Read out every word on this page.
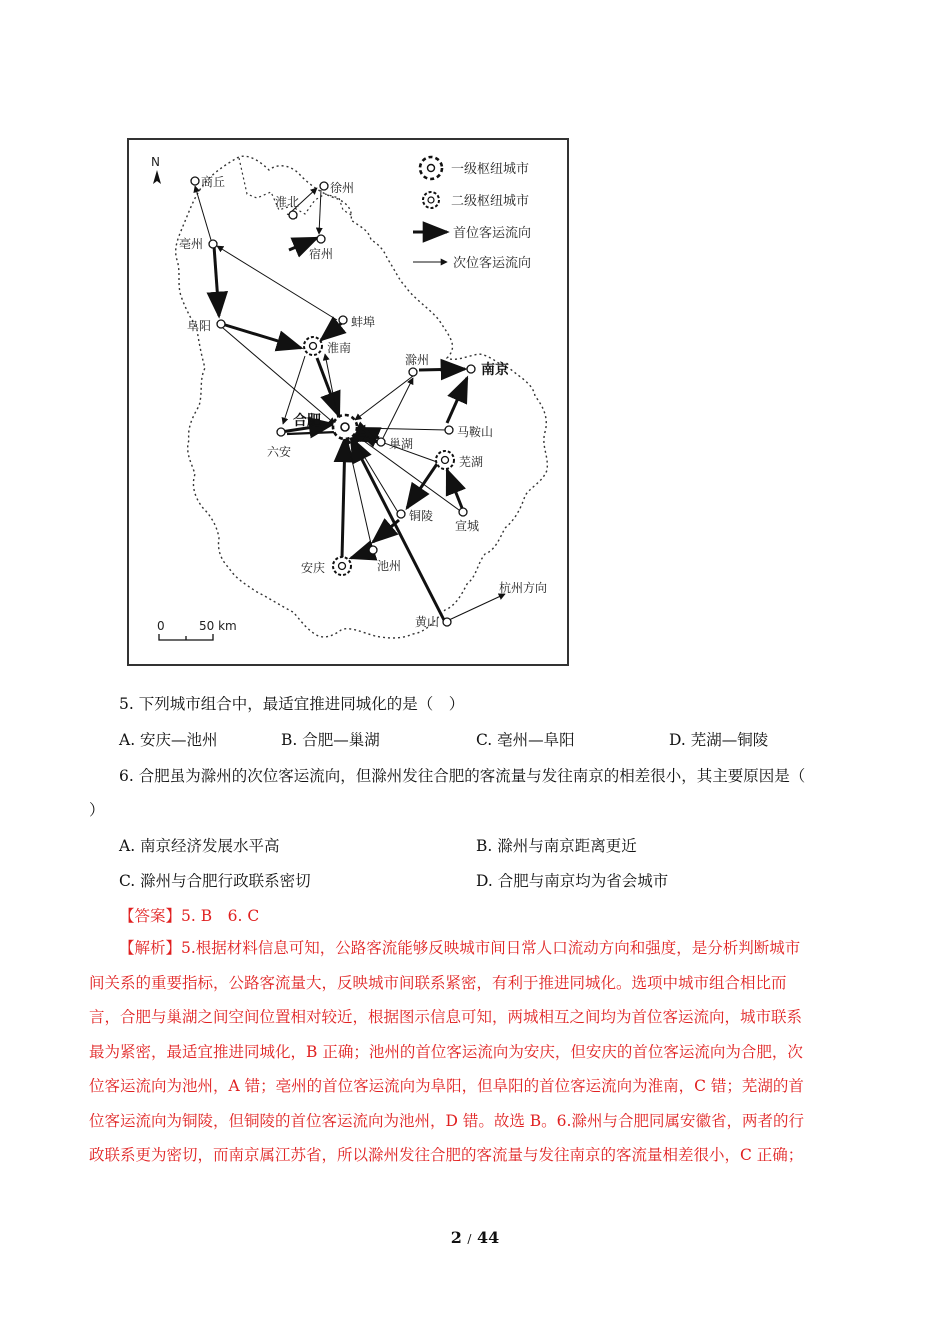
N
商丘	徐州
淮北
宿州
亳州
阜阳	蚌埠
淮南
滁州
南京
合肥
六安
巢湖
马鞍山
芜湖
铜陵
宣城
安庆	池州
杭州方向
黄山
一级枢纽城市
二级枢纽城市
首位客运流向
次位客运流向
0	50 km
5. 下列城市组合中，最适宜推进同城化的是（　）
A. 安庆—池州	B. 合肥—巢湖	C. 亳州—阜阳	D. 芜湖—铜陵
6. 合肥虽为滁州的次位客运流向，但滁州发往合肥的客流量与发往南京的相差很小，其主要原因是（
）
A. 南京经济发展水平高	B. 滁州与南京距离更近
C. 滁州与合肥行政联系密切	D. 合肥与南京均为省会城市
【答案】5. B　6. C
【解析】5.根据材料信息可知，公路客流能够反映城市间日常人口流动方向和强度，是分析判断城市
间关系的重要指标，公路客流量大，反映城市间联系紧密，有利于推进同城化。选项中城市组合相比而
言，合肥与巢湖之间空间位置相对较近，根据图示信息可知，两城相互之间均为首位客运流向，城市联系
最为紧密，最适宜推进同城化，B 正确；池州的首位客运流向为安庆，但安庆的首位客运流向为合肥，次
位客运流向为池州，A 错；亳州的首位客运流向为阜阳，但阜阳的首位客运流向为淮南，C 错；芜湖的首
位客运流向为铜陵，但铜陵的首位客运流向为池州，D 错。故选 B。6.滁州与合肥同属安徽省，两者的行
政联系更为密切，而南京属江苏省，所以滁州发往合肥的客流量与发往南京的客流量相差很小，C 正确；
2 / 44
